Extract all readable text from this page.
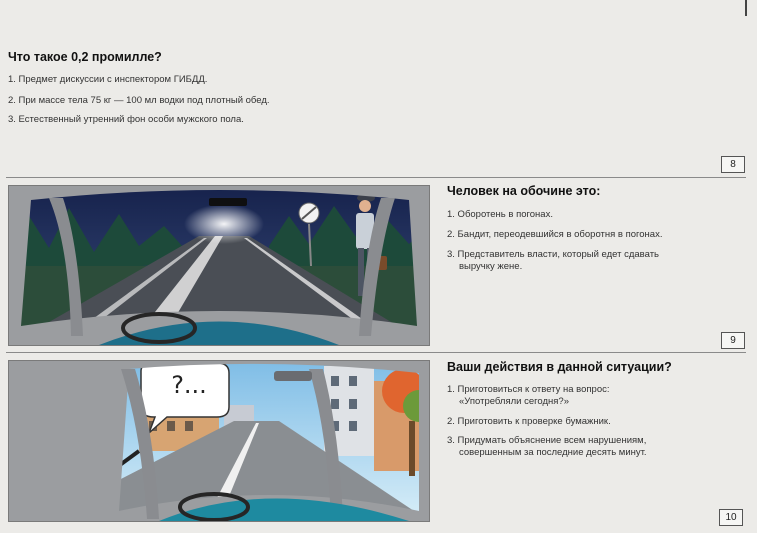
Что такое 0,2 промилле?
1. Предмет дискуссии с инспектором ГИБДД.
2. При массе тела 75 кг — 100 мл водки под плотный обед.
3. Естественный утренний фон особи мужского пола.
8
Человек на обочине это:
1. Оборотень в погонах.
2. Бандит, переодевшийся в оборотня в погонах.
3. Представитель власти, который едет сдавать
выручку жене.
9
?...
Ваши действия в данной ситуации?
1. Приготовиться к ответу на вопрос:
«Употребляли сегодня?»
2. Приготовить к проверке бумажник.
3. Придумать объяснение всем нарушениям,
совершенным за последние десять минут.
10
